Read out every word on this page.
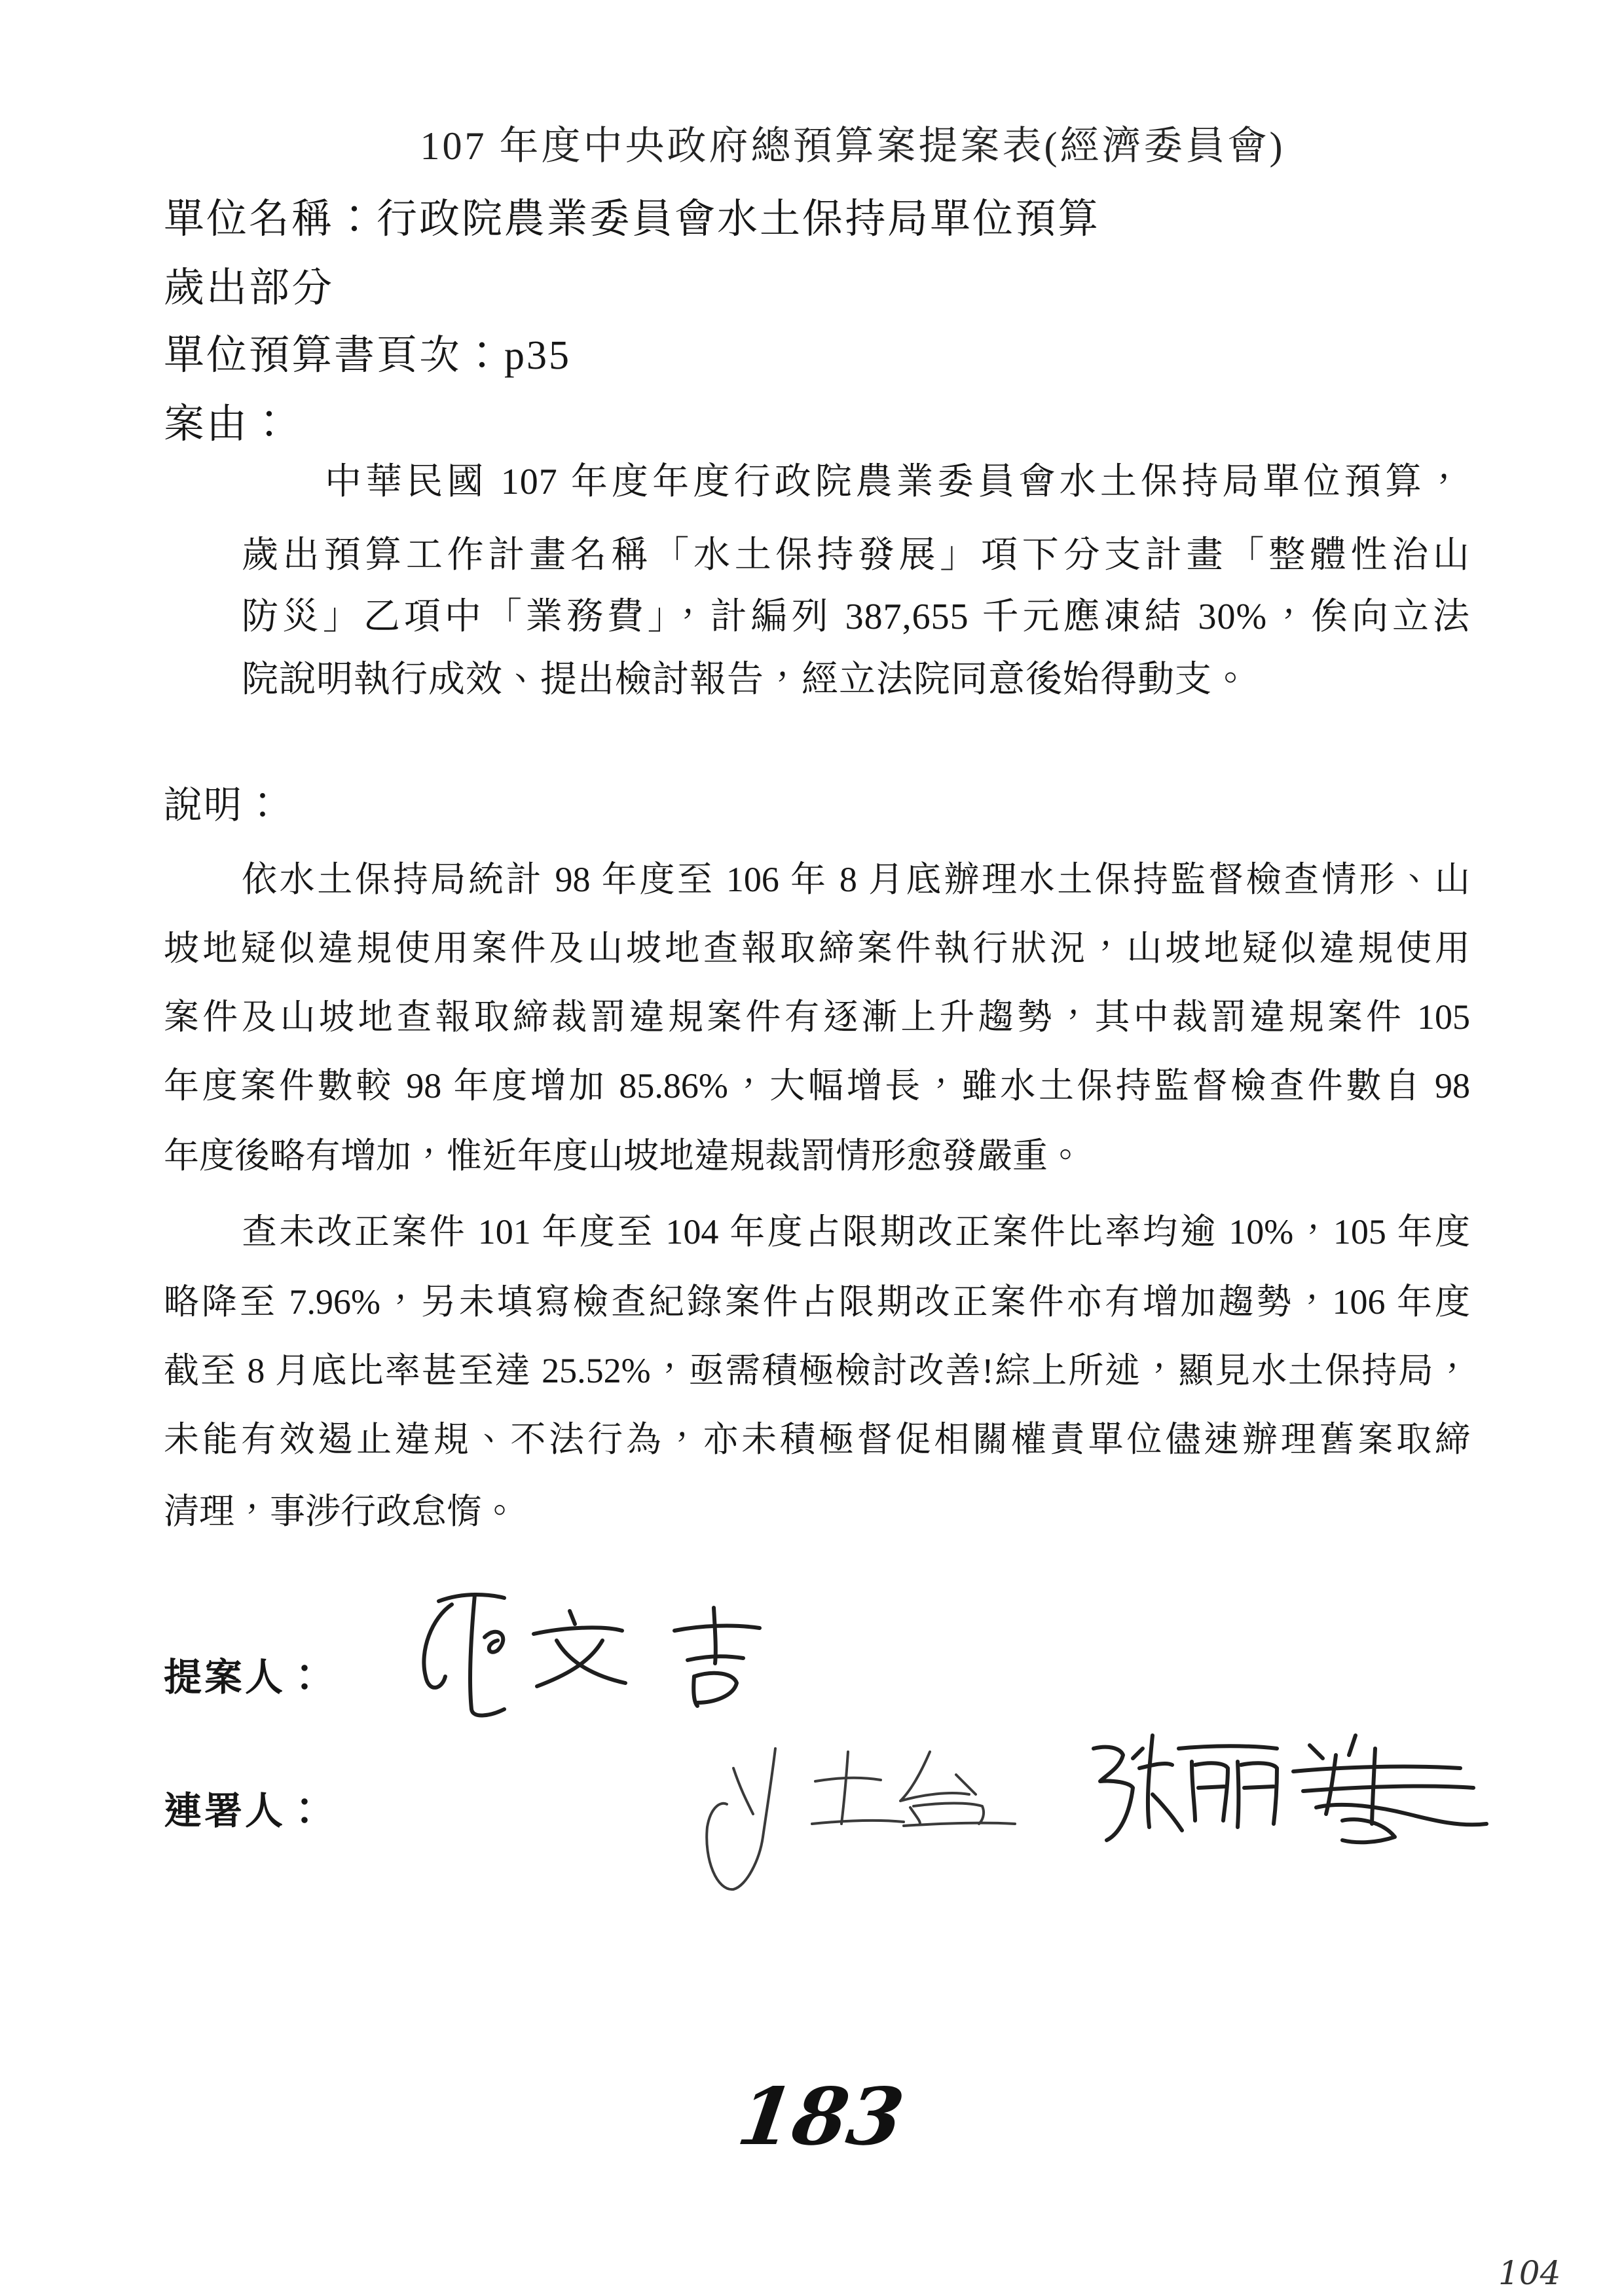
107 年度中央政府總預算案提案表(經濟委員會)
單位名稱：行政院農業委員會水土保持局單位預算
歲出部分
單位預算書頁次：p35
案由：
中華民國 107 年度年度行政院農業委員會水土保持局單位預算，
歲出預算工作計畫名稱「水土保持發展」項下分支計畫「整體性治山
防災」乙項中「業務費」，計編列 387,655 千元應凍結 30%，俟向立法
院說明執行成效、提出檢討報告，經立法院同意後始得動支。
說明：
依水土保持局統計 98 年度至 106 年 8 月底辦理水土保持監督檢查情形、山
坡地疑似違規使用案件及山坡地查報取締案件執行狀況，山坡地疑似違規使用
案件及山坡地查報取締裁罰違規案件有逐漸上升趨勢，其中裁罰違規案件 105
年度案件數較 98 年度增加 85.86%，大幅增長，雖水土保持監督檢查件數自 98
年度後略有增加，惟近年度山坡地違規裁罰情形愈發嚴重。
查未改正案件 101 年度至 104 年度占限期改正案件比率均逾 10%，105 年度
略降至 7.96%，另未填寫檢查紀錄案件占限期改正案件亦有增加趨勢，106 年度
截至 8 月底比率甚至達 25.52%，亟需積極檢討改善!綜上所述，顯見水土保持局，
未能有效遏止違規、不法行為，亦未積極督促相關權責單位儘速辦理舊案取締
清理，事涉行政怠惰。
提案人：
連署人：
183
104
